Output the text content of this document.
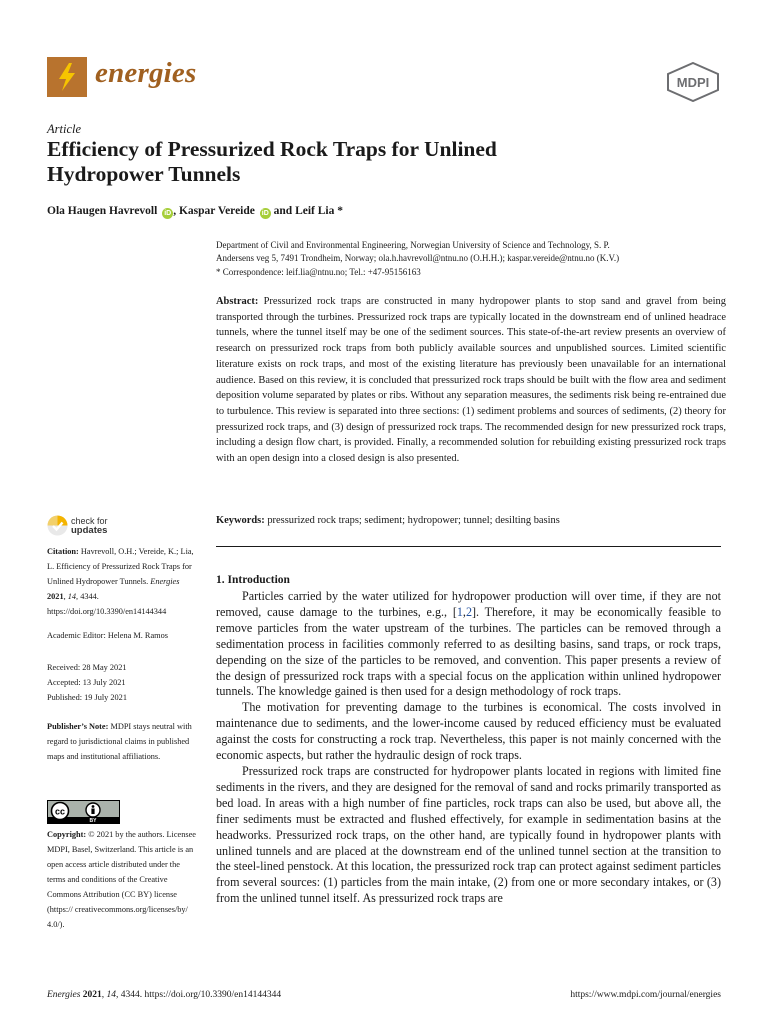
energies	MDPI
Article
Efficiency of Pressurized Rock Traps for Unlined
Hydropower Tunnels
Ola Haugen Havrevoll iD , Kaspar Vereide iD and Leif Lia *
Department of Civil and Environmental Engineering, Norwegian University of Science and Technology, S. P.
Andersens veg 5, 7491 Trondheim, Norway; ola.h.havrevoll@ntnu.no (O.H.H.); kaspar.vereide@ntnu.no (K.V.)
* Correspondence: leif.lia@ntnu.no; Tel.: +47-95156163
Abstract: Pressurized rock traps are constructed in many hydropower plants to stop sand and gravel from being transported through the turbines. Pressurized rock traps are typically located in the downstream end of unlined headrace tunnels, where the tunnel itself may be one of the sediment sources. This state-of-the-art review presents an overview of research on pressurized rock traps from both publicly available sources and unpublished sources. Limited scientific literature exists on rock traps, and most of the existing literature has previously been unavailable for an international audience. Based on this review, it is concluded that pressurized rock traps should be built with the flow area and sediment deposition volume separated by plates or ribs. Without any separation measures, the sediments risk being re-entrained due to turbulence. This review is separated into three sections: (1) sediment problems and sources of sediments, (2) theory for pressurized rock traps, and (3) design of pressurized rock traps. The recommended design for new pressurized rock traps, including a design flow chart, is provided. Finally, a recommended solution for rebuilding existing pressurized rock traps with an open design into a closed design is also presented.
Keywords: pressurized rock traps; sediment; hydropower; tunnel; desilting basins
check for
updates
Citation: Havrevoll, O.H.; Vereide, K.; Lia, L. Efficiency of Pressurized Rock Traps for Unlined Hydropower Tunnels. Energies 2021, 14, 4344. https://doi.org/10.3390/en14144344
Academic Editor: Helena M. Ramos
Received: 28 May 2021
Accepted: 13 July 2021
Published: 19 July 2021
Publisher’s Note: MDPI stays neutral with regard to jurisdictional claims in published maps and institutional affiliations.
cc
BY
Copyright: © 2021 by the authors. Licensee MDPI, Basel, Switzerland. This article is an open access article distributed under the terms and conditions of the Creative Commons Attribution (CC BY) license (https:// creativecommons.org/licenses/by/ 4.0/).
1. Introduction

Particles carried by the water utilized for hydropower production will over time, if they are not removed, cause damage to the turbines, e.g., [1,2]. Therefore, it may be economically feasible to remove particles from the water upstream of the turbines. The particles can be removed through a sedimentation process in facilities commonly referred to as desilting basins, sand traps, or rock traps, depending on the size of the particles to be removed, and convention. This paper presents a review of the design of pressurized rock traps with a special focus on the application within unlined hydropower tunnels. The knowledge gained is then used for a design methodology of rock traps.

The motivation for preventing damage to the turbines is economical. The costs involved in maintenance due to sediments, and the lower-income caused by reduced efficiency must be evaluated against the costs for constructing a rock trap. Nevertheless, this paper is not mainly concerned with the economic aspects, but rather the hydraulic design of rock traps.

Pressurized rock traps are constructed for hydropower plants located in regions with limited fine sediments in the rivers, and they are designed for the removal of sand and rocks primarily transported as bed load. In areas with a high number of fine particles, rock traps can also be used, but above all, the finer sediments must be extracted and flushed effectively, for example in sedimentation basins at the headworks. Pressurized rock traps, on the other hand, are typically found in hydropower plants with unlined tunnels and are placed at the downstream end of the unlined tunnel section at the transition to the steel-lined penstock. At this location, the pressurized rock trap can protect against sediment particles from several sources: (1) particles from the main intake, (2) from one or more secondary intakes, or (3) from the unlined tunnel itself. As pressurized rock traps are

Energies 2021, 14, 4344. https://doi.org/10.3390/en14144344	https://www.mdpi.com/journal/energies
